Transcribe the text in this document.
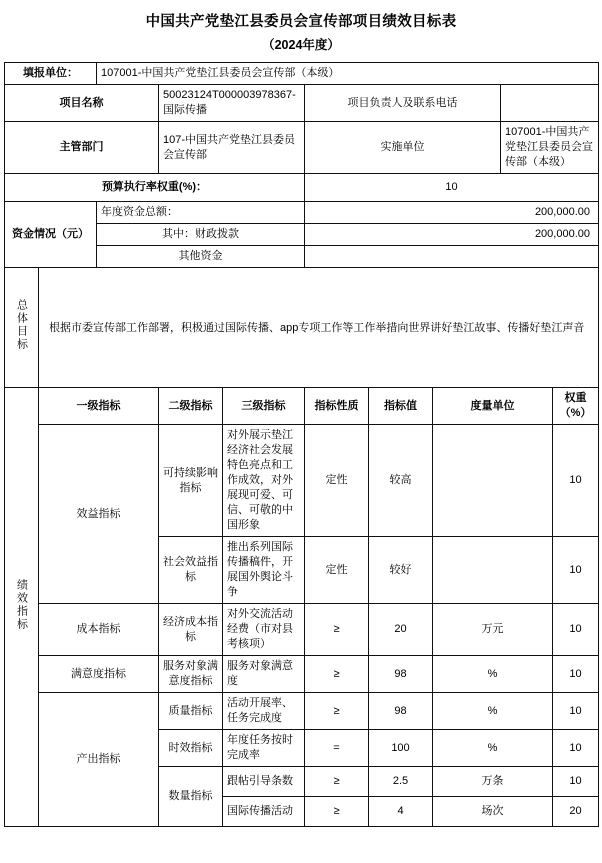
中国共产党垫江县委员会宣传部项目绩效目标表
（2024年度）
填报单位：		107001-中国共产党垫江县委员会宣传部（本级）							
项目名称			50023124T000003978367-国际传播		项目负责人及联系电话				
主管部门			107-中国共产党垫江县委员会宣传部		实施单位			107001-中国共产党垫江县委员会宣传部（本级）	
预算执行率权重(%)：					10				
资金情况（元）		年度资金总额：			200,000.00				
		其中：财政拨款			200,000.00				
		其他资金							
总体目标	根据市委宣传部工作部署，积极通过国际传播、app专项工作等工作举措向世界讲好垫江故事、传播好垫江声音								
绩效指标	一级指标		二级指标	三级指标	指标性质	指标值	度量单位		权重（%）
	效益指标		可持续影响指标	对外展示垫江经济社会发展特色亮点和工作成效，对外展现可爱、可信、可敬的中国形象	定性	较高			10
			社会效益指标	推出系列国际传播稿件，开展国外舆论斗争	定性	较好			10
	成本指标		经济成本指标	对外交流活动经费（市对县考核项）	≥	20	万元		10
	满意度指标		服务对象满意度指标	服务对象满意度	≥	98	%		10
	产出指标		质量指标	活动开展率、任务完成度	≥	98	%		10
			时效指标	年度任务按时完成率	=	100	%		10
			数量指标	跟帖引导条数	≥	2.5	万条		10
				国际传播活动	≥	4	场次		20
